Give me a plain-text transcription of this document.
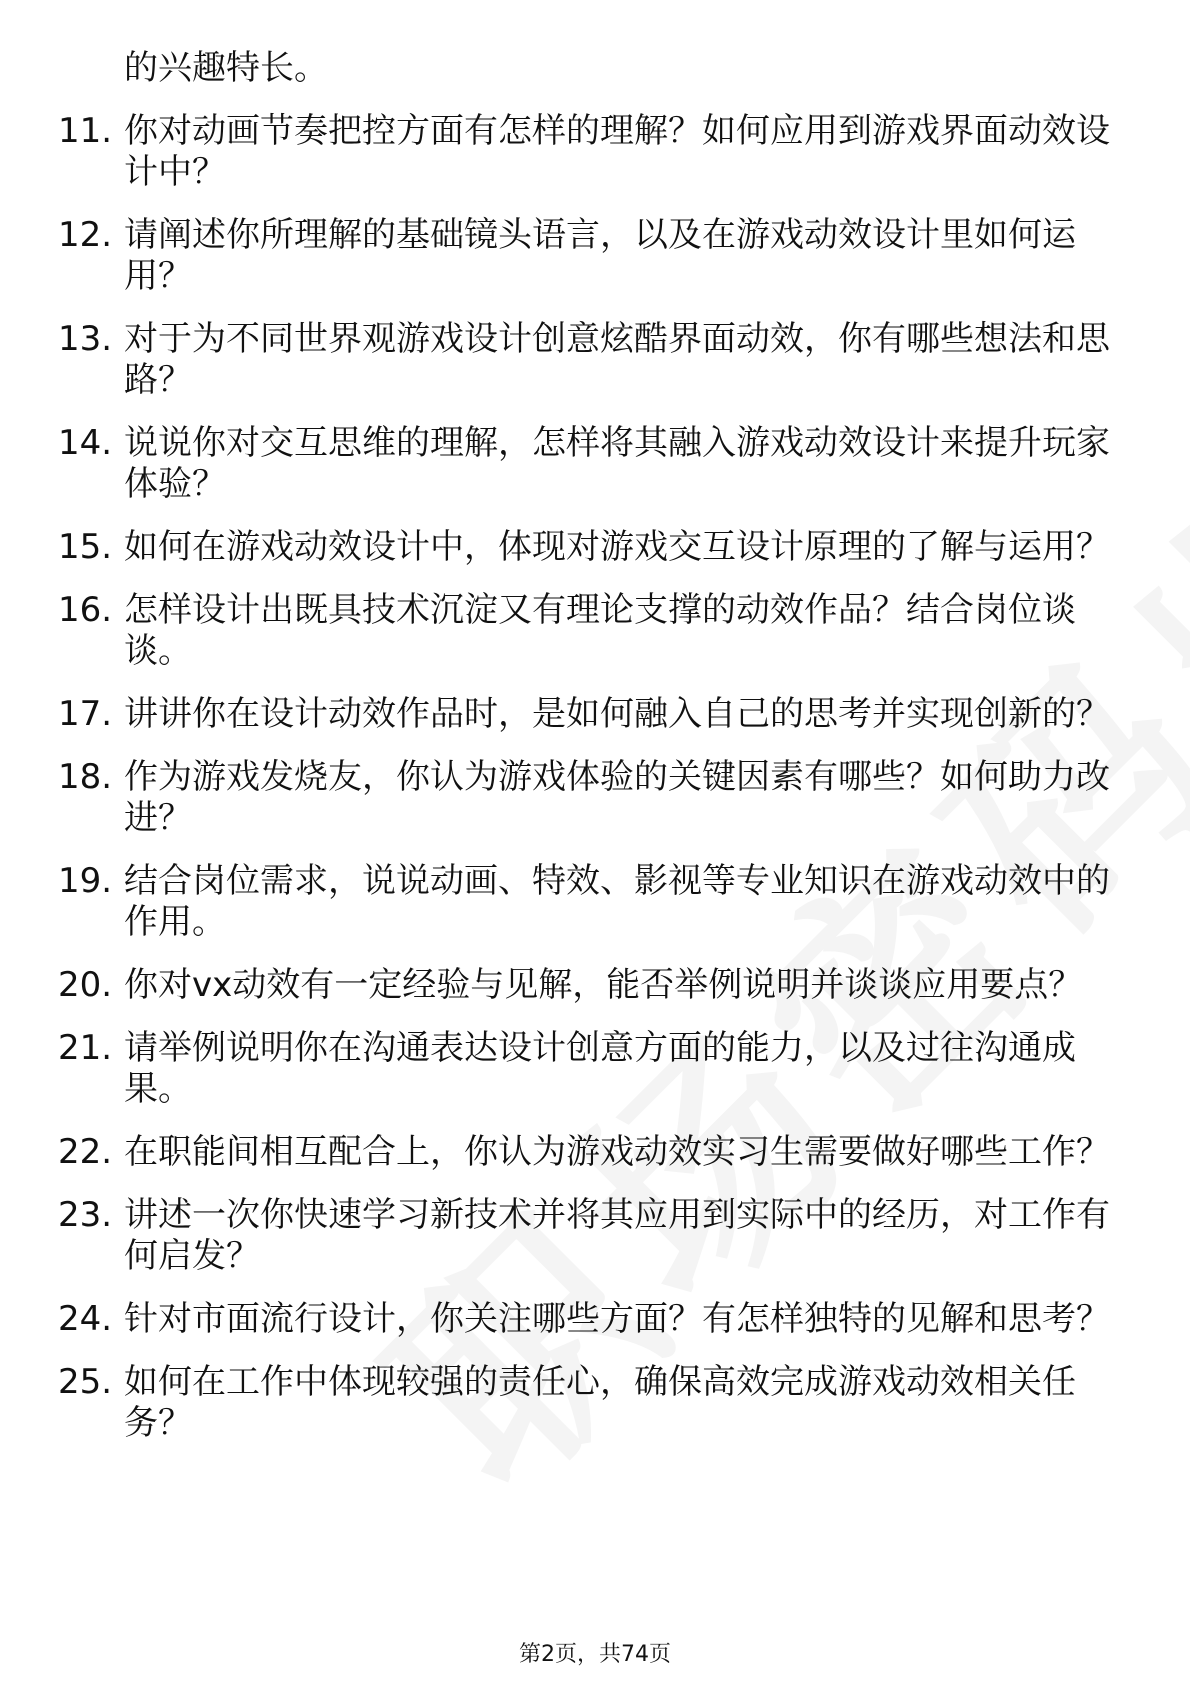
的兴趣特长。
11. 你对动画节奏把控方面有怎样的理解？如何应用到游戏界面动效设计中？
12. 请阐述你所理解的基础镜头语言，以及在游戏动效设计里如何运用？
13. 对于为不同世界观游戏设计创意炫酷界面动效，你有哪些想法和思路？
14. 说说你对交互思维的理解，怎样将其融入游戏动效设计来提升玩家体验？
15. 如何在游戏动效设计中，体现对游戏交互设计原理的了解与运用？
16. 怎样设计出既具技术沉淀又有理论支撑的动效作品？结合岗位谈谈。
17. 讲讲你在设计动效作品时，是如何融入自己的思考并实现创新的？
18. 作为游戏发烧友，你认为游戏体验的关键因素有哪些？如何助力改进？
19. 结合岗位需求，说说动画、特效、影视等专业知识在游戏动效中的作用。
20. 你对vx动效有一定经验与见解，能否举例说明并谈谈应用要点？
21. 请举例说明你在沟通表达设计创意方面的能力，以及过往沟通成果。
22. 在职能间相互配合上，你认为游戏动效实习生需要做好哪些工作？
23. 讲述一次你快速学习新技术并将其应用到实际中的经历，对工作有何启发？
24. 针对市面流行设计，你关注哪些方面？有怎样独特的见解和思考？
25. 如何在工作中体现较强的责任心，确保高效完成游戏动效相关任务？
第2页，共74页
